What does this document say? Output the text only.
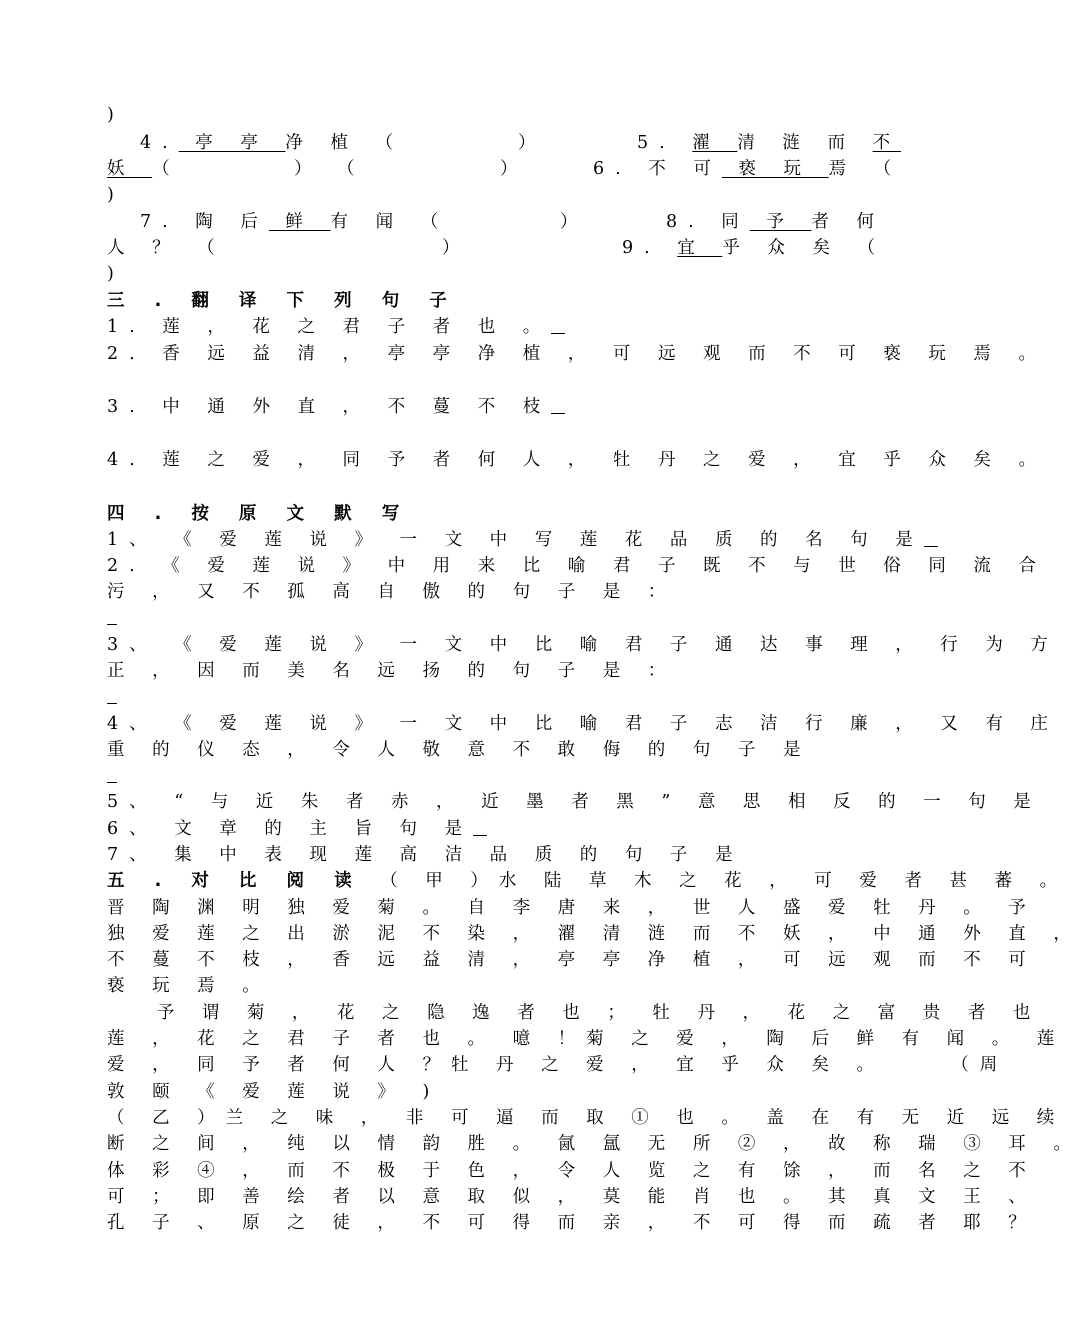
)
4. 亭 亭 净 植 （	）	5. 濯 清 涟 而 不
妖 （	） （	）	6. 不 可 亵 玩 焉 （
)
7. 陶 后 鲜 有 闻 （	）	8. 同 予 者 何
人 ？ （	）	9. 宜 乎 众 矣 （
)
三 . 翻 译 下 列 句 子
1. 莲 ， 花 之 君 子 者 也 。
2. 香 远 益 清 ， 亭 亭 净 植 ， 可 远 观 而 不 可 亵 玩 焉 。
3. 中 通 外 直 ， 不 蔓 不 枝
4. 莲 之 爱 ， 同 予 者 何 人 ， 牡 丹 之 爱 ， 宜 乎 众 矣 。
四 . 按 原 文 默 写
1、 《 爱 莲 说 》 一 文 中 写 莲 花 品 质 的 名 句 是
2. 《 爱 莲 说 》 中 用 来 比 喻 君 子 既 不 与 世 俗 同 流 合
污 ， 又 不 孤 高 自 傲 的 句 子 是 ：
3、 《 爱 莲 说 》 一 文 中 比 喻 君 子 通 达 事 理 ， 行 为 方
正 ， 因 而 美 名 远 扬 的 句 子 是 ：
4、 《 爱 莲 说 》 一 文 中 比 喻 君 子 志 洁 行 廉 ， 又 有 庄
重 的 仪 态 ， 令 人 敬 意 不 敢 侮 的 句 子 是
5、 “ 与 近 朱 者 赤 ， 近 墨 者 黑 ” 意 思 相 反 的 一 句 是
6、 文 章 的 主 旨 句 是
7、 集 中 表 现 莲 高 洁 品 质 的 句 子 是
五 . 对 比 阅 读 （ 甲 ）水 陆 草 木 之 花 ， 可 爱 者 甚 蕃 。
晋 陶 渊 明 独 爱 菊 。 自 李 唐 来 ， 世 人 盛 爱 牡 丹 。 予
独 爱 莲 之 出 淤 泥 不 染 ， 濯 清 涟 而 不 妖 ， 中 通 外 直 ，
不 蔓 不 枝 ， 香 远 益 清 ， 亭 亭 净 植 ， 可 远 观 而 不 可
亵 玩 焉 。
予 谓 菊 ， 花 之 隐 逸 者 也 ； 牡 丹 ， 花 之 富 贵 者 也
莲 ， 花 之 君 子 者 也 。 噫 ！菊 之 爱 ， 陶 后 鲜 有 闻 。 莲
爱 ， 同 予 者 何 人 ？牡 丹 之 爱 ， 宜 乎 众 矣 。    （周
敦 颐 《 爱 莲 说 》 )
（ 乙 ）兰 之 味 ， 非 可 逼 而 取 ① 也 。 盖 在 有 无 近 远 续
断 之 间 ， 纯 以 情 韵 胜 。 氤 氲 无 所 ② ， 故 称 瑞 ③ 耳 。
体 彩 ④ ， 而 不 极 于 色 ， 令 人 览 之 有 馀 ， 而 名 之 不
可 ； 即 善 绘 者 以 意 取 似 ， 莫 能 肖 也 。 其 真 文 王 、
孔 子 、 原 之 徒 ， 不 可 得 而 亲 ， 不 可 得 而 疏 者 耶 ？
